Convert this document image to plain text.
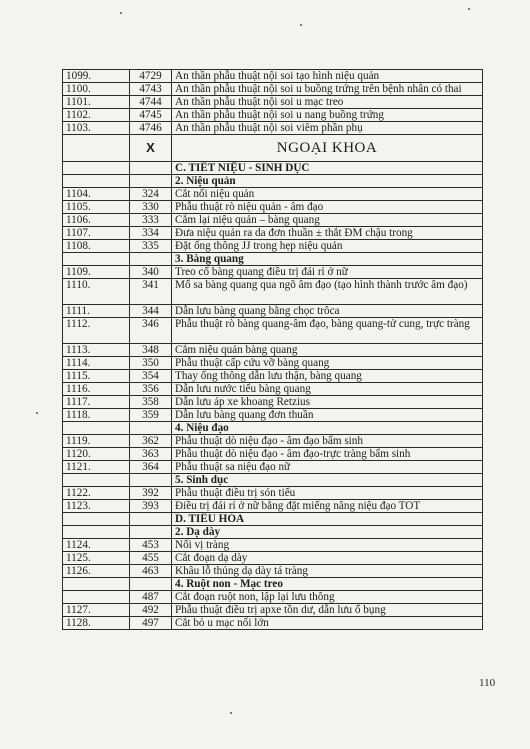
1099.	4729	An thần phẫu thuật nội soi tạo hình niệu quản
1100.	4743	An thần phẫu thuật nội soi u buồng trứng trên bệnh nhân có thai
1101.	4744	An thần phẫu thuật nội soi u mạc treo
1102.	4745	An thần phẫu thuật nội soi u nang buồng trứng
1103.	4746	An thần phẫu thuật nội soi viêm phần phụ
	X	NGOẠI KHOA
		C. TIẾT NIỆU - SINH DỤC
		2. Niệu quản
1104.	324	Cắt nối niệu quản
1105.	330	Phẫu thuật rò niệu quản - âm đạo
1106.	333	Cắm lại niệu quản – bàng quang
1107.	334	Đưa niệu quản ra da đơn thuần ± thắt ĐM chậu trong
1108.	335	Đặt ống thông JJ trong hẹp niệu quản
		3. Bàng quang
1109.	340	Treo cổ bàng quang điều trị đái rỉ ở nữ
1110.	341	Mổ sa bàng quang qua ngõ âm đạo (tạo hình thành trước âm đạo)
1111.	344	Dẫn lưu bàng quang bằng chọc trôca
1112.	346	Phẫu thuật rò bàng quang-âm đạo, bàng quang-tử cung, trực tràng
1113.	348	Cắm niệu quản bàng quang
1114.	350	Phẫu thuật cấp cứu vỡ bàng quang
1115.	354	Thay ống thông dẫn lưu thận, bàng quang
1116.	356	Dẫn lưu nước tiểu bàng quang
1117.	358	Dẫn lưu áp xe khoang Retzius
1118.	359	Dẫn lưu bàng quang đơn thuần
		4. Niệu đạo
1119.	362	Phẫu thuật dò niệu đạo - âm đạo bẩm sinh
1120.	363	Phẫu thuật dò niệu đạo - âm đạo-trực tràng bẩm sinh
1121.	364	Phẫu thuật sa niệu đạo nữ
		5. Sinh dục
1122.	392	Phẫu thuật điều trị són tiểu
1123.	393	Điều trị đái rỉ ở nữ bằng đặt miếng nâng niệu đạo TOT
		D. TIÊU HÓA
		2. Dạ dày
1124.	453	Nối vị tràng
1125.	455	Cắt đoạn dạ dày
1126.	463	Khâu lỗ thủng dạ dày tá tràng
		4. Ruột non - Mạc treo
	487	Cắt đoạn ruột non, lập lại lưu thông
1127.	492	Phẫu thuật điều trị apxe tồn dư, dẫn lưu ổ bụng
1128.	497	Cắt bỏ u mạc nối lớn
110
